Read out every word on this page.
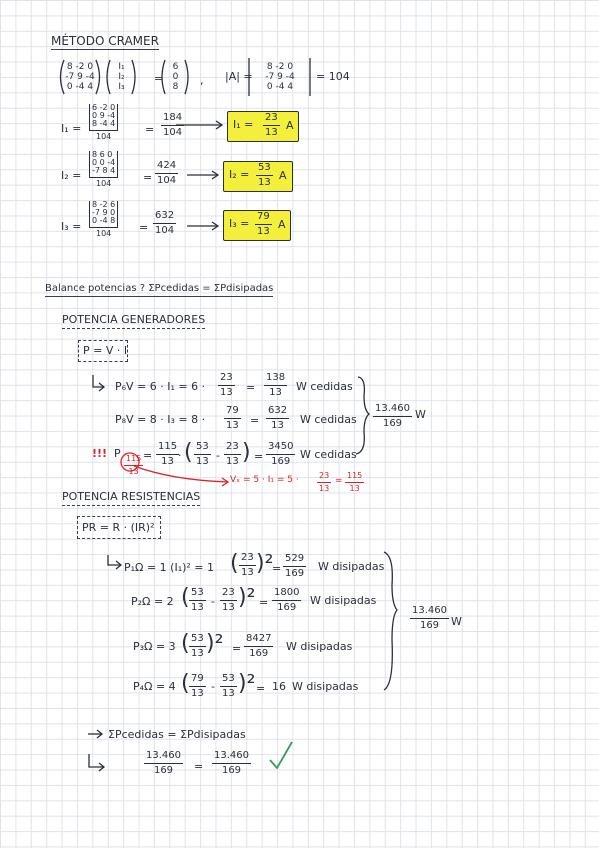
MÉTODO CRAMER
8 -2 0
-7 9 -4
0 -4 4
I₁
I₂
I₃
=
6
0
8	, |A| =
8 -2 0
-7 9 -4
0 -4 4
= 104
I₁ = 6 -2 0
0 9 -4
8 -4 4
$104 = \frac{184}{104}$	$I_1 = \frac{23}{13}$ A
I₂ = 8 6 0
0 0 -4
-7 8 4
$104 = \frac{424}{104}$	$I_2 = \frac{53}{13}$ A
I₃ = 8 -2 6
-7 9 0
0 -4 8
$104 = \frac{632}{104}$	$I_3 = \frac{79}{13}$ A
Balance potencias ? ΣPcedidas = ΣPdisipadas
POTENCIA GENERADORES
P = V · I
$P_6V = 6 \cdot I_1 = 6 \cdot \frac{23}{13} = \frac{138}{13}$ W cedidas
$P_8V = 8 \cdot I_3 = 8 \cdot \frac{79}{13} = \frac{632}{13}$ W cedidas
!!! P
$\frac{115}{13} = \frac{115}{13}$
· ( $\frac{53}{13} - \frac{23}{13}$ ) = $\frac{3450}{169}$ W cedidas
$\frac{13.460}{169}$ W
$V_x = 5 \cdot I_1 = 5 \cdot \frac{23}{13} = \frac{115}{13}$
POTENCIA RESISTENCIAS
PR = R · (IR)²
P₁Ω = 1 (I₁)² = 1 ( $\frac{23}{13} )^2$
= $\frac{529}{169}$ W disipadas
P₂Ω = 2 ( $\frac{53}{13} - \frac{23}{13} )^2 = \frac{1800}{169}$ W disipadas
P₃Ω = 3 ( $\frac{53}{13} )^2 = \frac{8427}{169}$ W disipadas
P₄Ω = 4 ( $\frac{79}{13} - \frac{53}{13} )^2 = 16$ W disipadas
$\frac{13.460}{169}$ W
ΣPcedidas = ΣPdisipadas
$\frac{13.460}{169} = \frac{13.460}{169}$
